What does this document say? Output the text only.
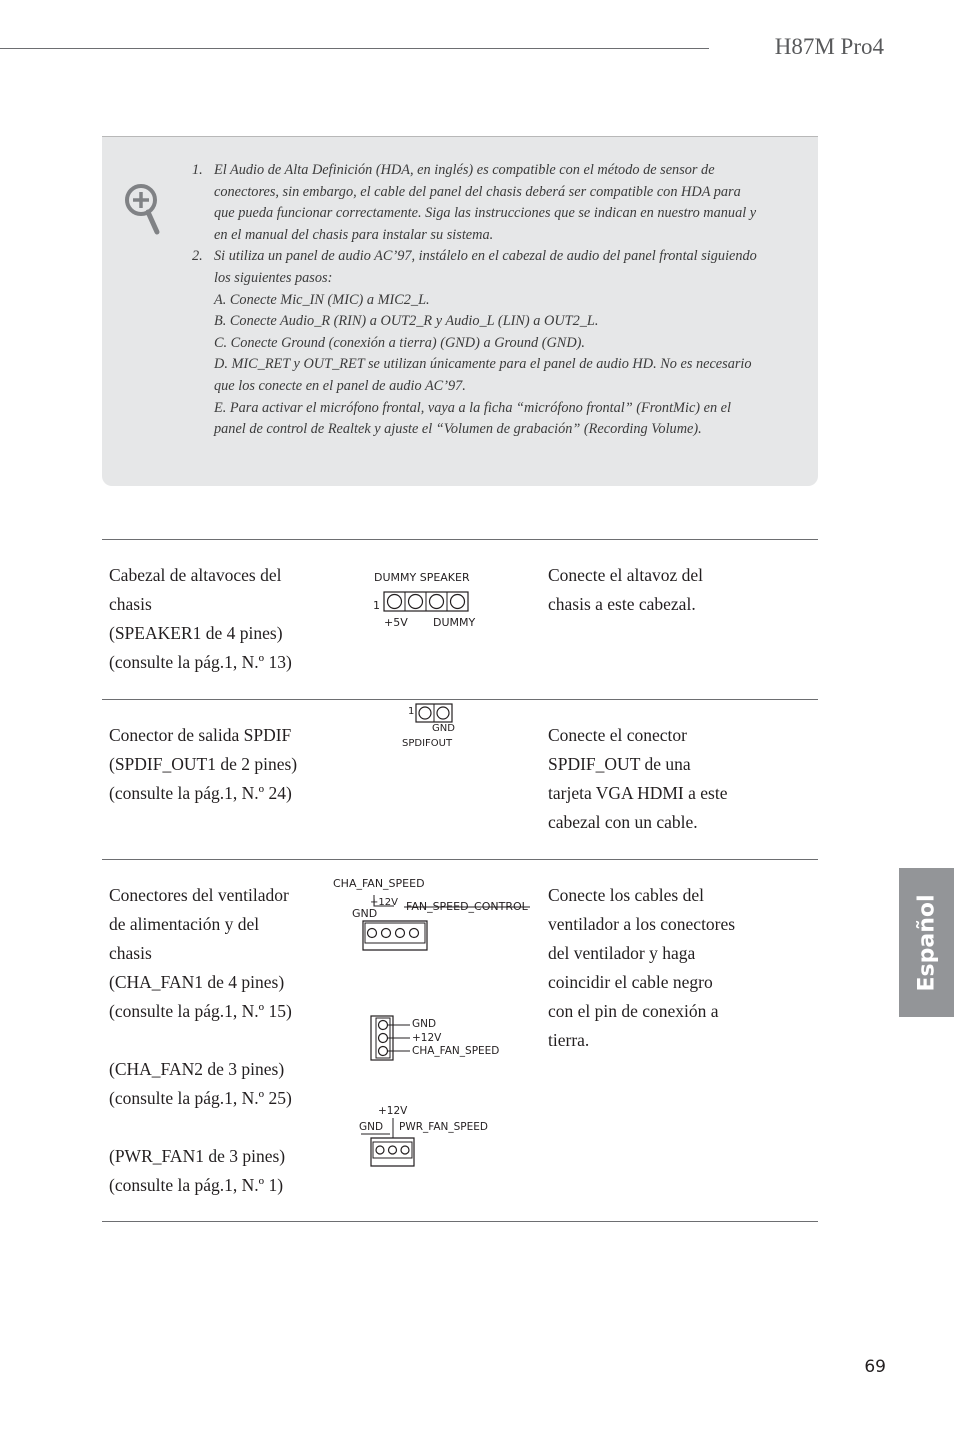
H87M Pro4
1. El Audio de Alta Definición (HDA, en inglés) es compatible con el método de sensor de conectores, sin embargo, el cable del panel del chasis deberá ser compatible con HDA para que pueda funcionar correctamente. Siga las instrucciones que se indican en nuestro manual y en el manual del chasis para instalar su sistema.
2. Si utiliza un panel de audio AC’97, instálelo en el cabezal de audio del panel frontal siguiendo los siguientes pasos:
A. Conecte Mic_IN (MIC) a MIC2_L.
B. Conecte Audio_R (RIN) a OUT2_R y Audio_L (LIN) a OUT2_L.
C. Conecte Ground (conexión a tierra) (GND) a Ground (GND).
D. MIC_RET y OUT_RET se utilizan únicamente para el panel de audio HD. No es necesario que los conecte en el panel de audio AC’97.
E. Para activar el micrófono frontal, vaya a la ficha “micrófono frontal” (FrontMic) en el panel de control de Realtek y ajuste el “Volumen de grabación” (Recording Volume).
Cabezal de altavoces del
chasis
(SPEAKER1 de 4 pines)
(consulte la pág.1, N.º 13)
DUMMY SPEAKER
1
+5V DUMMY
Conecte el altavoz del
chasis a este cabezal.
Conector de salida SPDIF
(SPDIF_OUT1 de 2 pines)
(consulte la pág.1, N.º 24)
1
GND
SPDIFOUT	Conecte el conector
SPDIF_OUT de una
tarjeta VGA HDMI a este
cabezal con un cable.
Conectores del ventilador
de alimentación y del
chasis
(CHA_FAN1 de 4 pines)
(consulte la pág.1, N.º 15)
(CHA_FAN2 de 3 pines)
(consulte la pág.1, N.º 25)
(PWR_FAN1 de 3 pines)
(consulte la pág.1, N.º 1)
CHA_FAN_SPEED
+12V
GND
FAN_SPEED_CONTROL
GND
+12V
CHA_FAN_SPEED
+12V
GND PWR_FAN_SPEED
Conecte los cables del
ventilador a los conectores
del ventilador y haga
coincidir el cable negro
con el pin de conexión a
tierra.
Español
69
